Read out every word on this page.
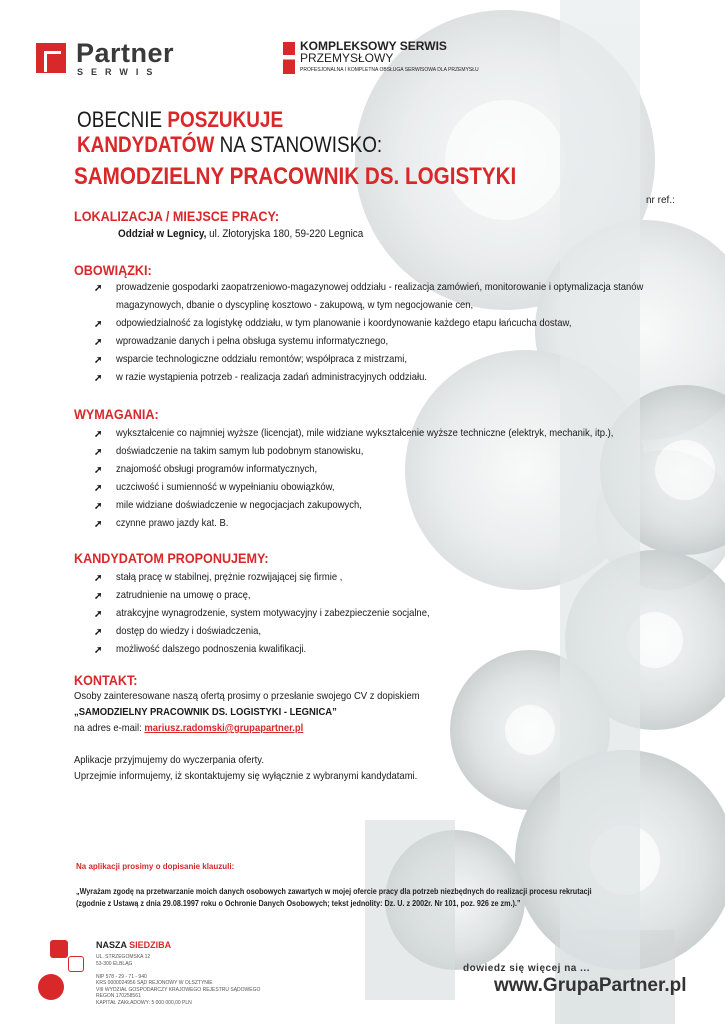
Partner
SERWIS
KOMPLEKSOWY SERWIS
PRZEMYSŁOWY
PROFESJONALNA I KOMPLETNA OBSŁUGA SERWISOWA DLA PRZEMYSŁU
OBECNIE POSZUKUJE
KANDYDATÓW NA STANOWISKO:
SAMODZIELNY PRACOWNIK DS. LOGISTYKI
nr ref.:
LOKALIZACJA / MIEJSCE PRACY:
Oddział w Legnicy, ul. Złotoryjska 180, 59-220 Legnica
OBOWIĄZKI:
➚ prowadzenie gospodarki zaopatrzeniowo-magazynowej oddziału - realizacja zamówień, monitorowanie i optymalizacja stanów
magazynowych, dbanie o dyscyplinę kosztowo - zakupową, w tym negocjowanie cen,
➚ odpowiedzialność za logistykę oddziału, w tym planowanie i koordynowanie każdego etapu łańcucha dostaw,
➚ wprowadzanie danych i pełna obsługa systemu informatycznego,
➚ wsparcie technologiczne oddziału remontów; współpraca z mistrzami,
➚ w razie wystąpienia potrzeb - realizacja zadań administracyjnych oddziału.
WYMAGANIA:
➚ wykształcenie co najmniej wyższe (licencjat), mile widziane wykształcenie wyższe techniczne (elektryk, mechanik, itp.),
➚ doświadczenie na takim samym lub podobnym stanowisku,
➚ znajomość obsługi programów informatycznych,
➚ uczciwość i sumienność w wypełnianiu obowiązków,
➚ mile widziane doświadczenie w negocjacjach zakupowych,
➚ czynne prawo jazdy kat. B.
KANDYDATOM PROPONUJEMY:
➚ stałą pracę w stabilnej, prężnie rozwijającej się firmie ,
➚ zatrudnienie na umowę o pracę,
➚ atrakcyjne wynagrodzenie, system motywacyjny i zabezpieczenie socjalne,
➚ dostęp do wiedzy i doświadczenia,
➚ możliwość dalszego podnoszenia kwalifikacji.
KONTAKT:
Osoby zainteresowane naszą ofertą prosimy o przesłanie swojego CV z dopiskiem
„SAMODZIELNY PRACOWNIK DS. LOGISTYKI - LEGNICA”
na adres e-mail: mariusz.radomski@grupapartner.pl
Aplikacje przyjmujemy do wyczerpania oferty.
Uprzejmie informujemy, iż skontaktujemy się wyłącznie z wybranymi kandydatami.
Na aplikacji prosimy o dopisanie klauzuli:
„Wyrażam zgodę na przetwarzanie moich danych osobowych zawartych w mojej ofercie pracy dla potrzeb niezbędnych do realizacji procesu rekrutacji
(zgodnie z Ustawą z dnia 29.08.1997 roku o Ochronie Danych Osobowych; tekst jednolity: Dz. U. z 2002r. Nr 101, poz. 926 ze zm.).”
NASZA SIEDZIBA
UL. STRZEGOMSKA 12
53-300 ELBLĄG

NIP 578 - 29 - 71 - 940
KRS 0000024956 SĄD REJONOWY W OLSZTYNIE
VIII WYDZIAŁ GOSPODARCZY KRAJOWEGO REJESTRU SĄDOWEGO
REGON 170258561
KAPITAŁ ZAKŁADOWY: 5 000 000,00 PLN
dowiedz się więcej na ...
www.GrupaPartner.pl
